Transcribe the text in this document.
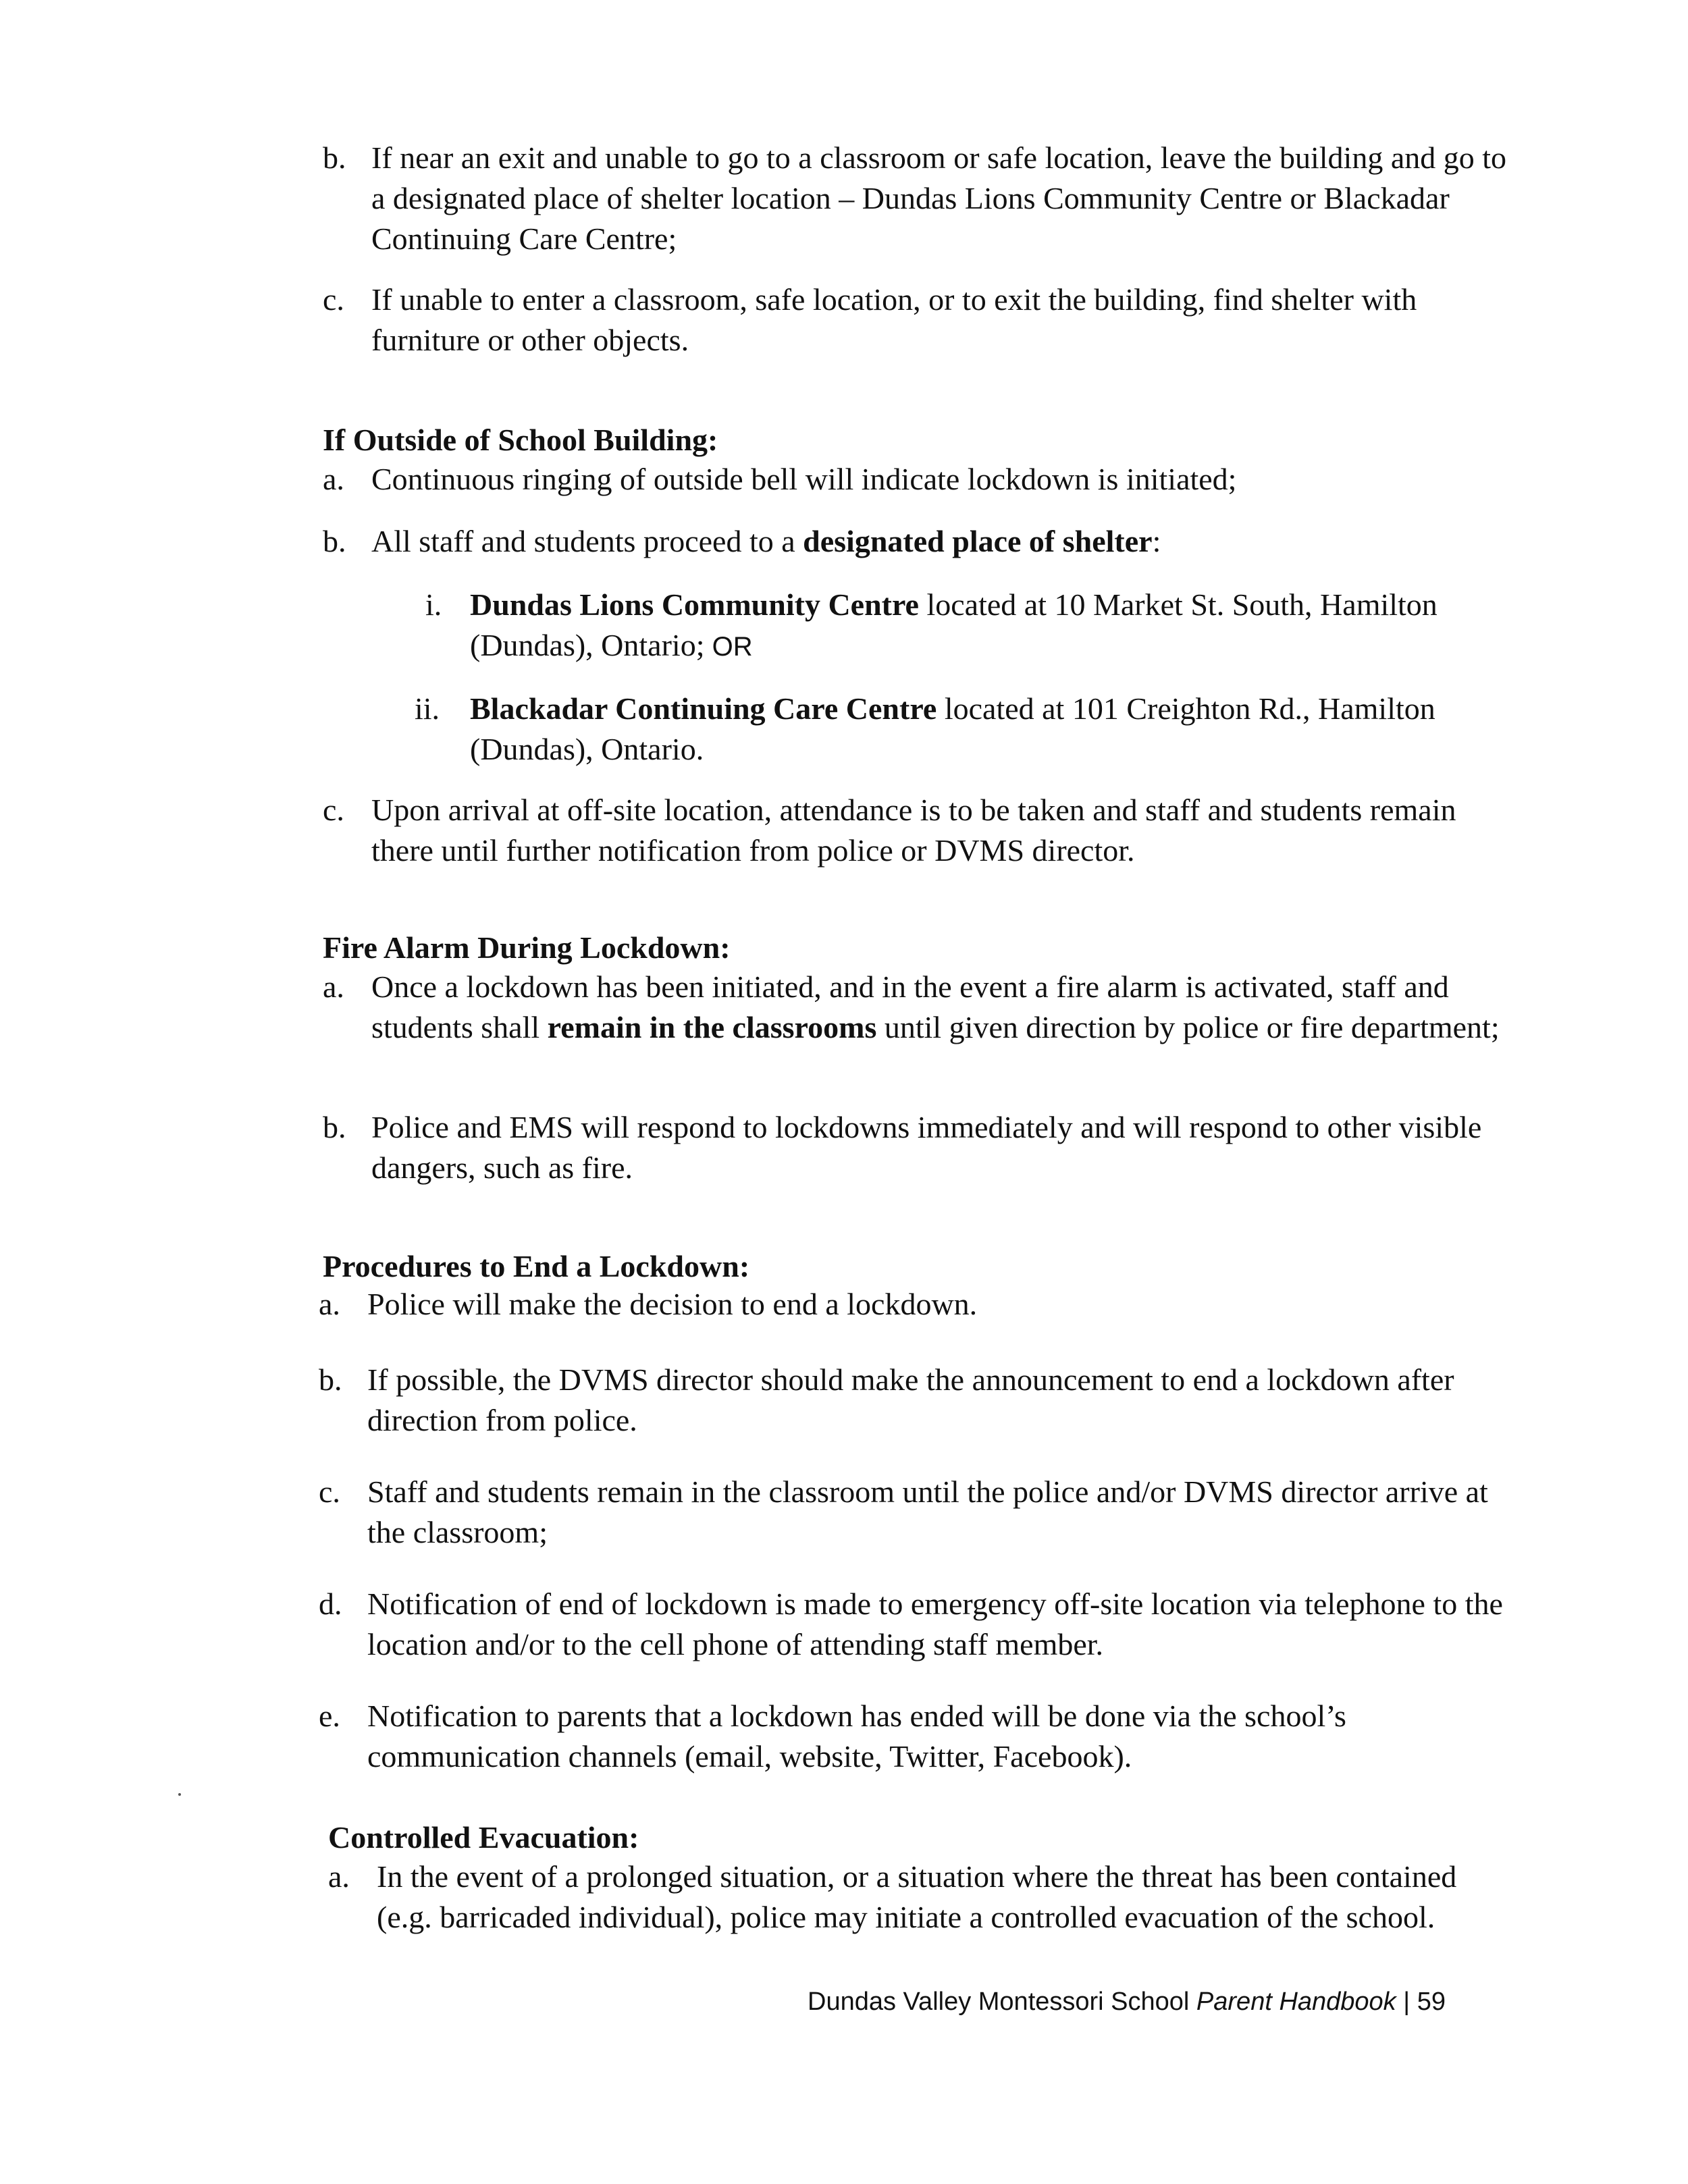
b. If near an exit and unable to go to a classroom or safe location, leave the building and go to a designated place of shelter location – Dundas Lions Community Centre or Blackadar Continuing Care Centre;
c. If unable to enter a classroom, safe location, or to exit the building, find shelter with furniture or other objects.
If Outside of School Building:
a. Continuous ringing of outside bell will indicate lockdown is initiated;
b. All staff and students proceed to a designated place of shelter:
i. Dundas Lions Community Centre located at 10 Market St. South, Hamilton (Dundas), Ontario; OR
ii. Blackadar Continuing Care Centre located at 101 Creighton Rd., Hamilton (Dundas), Ontario.
c. Upon arrival at off-site location, attendance is to be taken and staff and students remain there until further notification from police or DVMS director.
Fire Alarm During Lockdown:
a. Once a lockdown has been initiated, and in the event a fire alarm is activated, staff and students shall remain in the classrooms until given direction by police or fire department;
b. Police and EMS will respond to lockdowns immediately and will respond to other visible dangers, such as fire.
Procedures to End a Lockdown:
a. Police will make the decision to end a lockdown.
b. If possible, the DVMS director should make the announcement to end a lockdown after direction from police.
c. Staff and students remain in the classroom until the police and/or DVMS director arrive at the classroom;
d. Notification of end of lockdown is made to emergency off-site location via telephone to the location and/or to the cell phone of attending staff member.
e. Notification to parents that a lockdown has ended will be done via the school’s communication channels (email, website, Twitter, Facebook).
Controlled Evacuation:
a. In the event of a prolonged situation, or a situation where the threat has been contained (e.g. barricaded individual), police may initiate a controlled evacuation of the school.
Dundas Valley Montessori School Parent Handbook | 59
